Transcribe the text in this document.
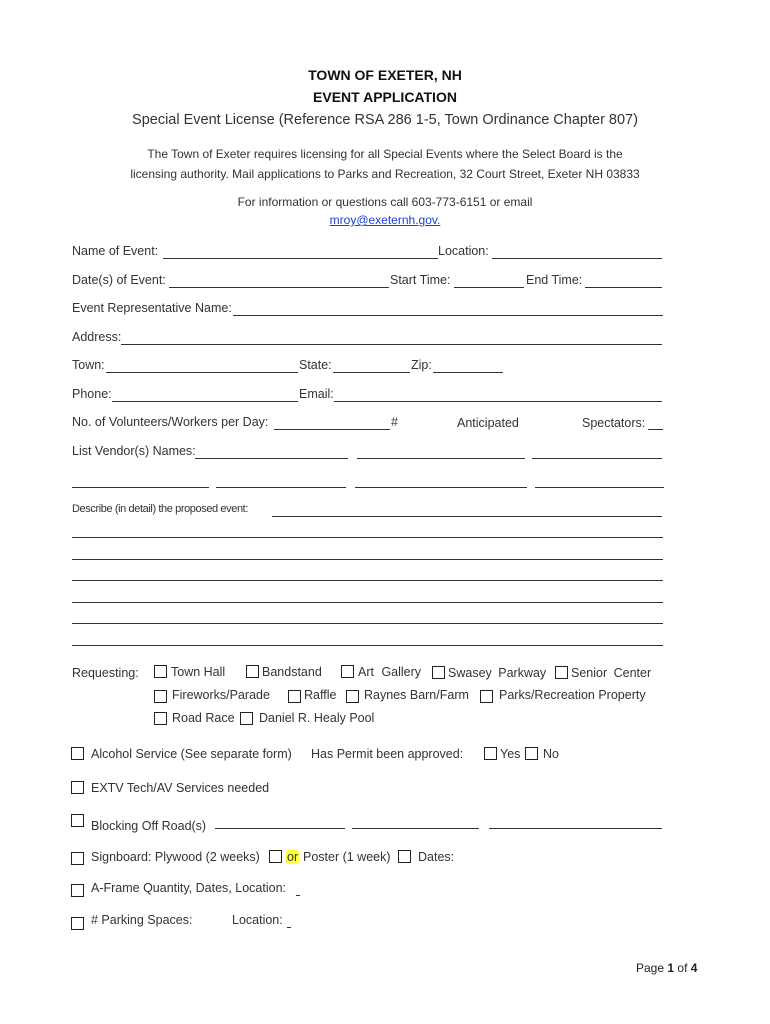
TOWN OF EXETER, NH
EVENT APPLICATION
Special Event License (Reference RSA 286 1-5, Town Ordinance Chapter 807)
The Town of Exeter requires licensing for all Special Events where the Select Board is the
licensing authority. Mail applications to Parks and Recreation, 32 Court Street, Exeter NH 03833
For information or questions call 603-773-6151 or email
mroy@exeternh.gov.
Name of Event:	Location:
Date(s) of Event:	Start Time:	End Time:
Event Representative Name:
Address:
Town:	State:	Zip:
Phone:	Email:
No. of Volunteers/Workers per Day:	#	Anticipated	Spectators:
List Vendor(s) Names:
Describe (in detail) the proposed event:
Requesting:	Town Hall	Bandstand	Art Gallery Swasey Parkway Senior Center
Fireworks/Parade	Raffle Raynes Barn/Farm Parks/Recreation Property
Road Race Daniel R. Healy Pool
Alcohol Service (See separate form) Has Permit been approved:	Yes No
EXTV Tech/AV Services needed
Blocking Off Road(s)
Signboard: Plywood (2 weeks) or Poster (1 week) Dates:
A-Frame Quantity, Dates, Location:
# Parking Spaces:	Location:
Page 1 of 4
